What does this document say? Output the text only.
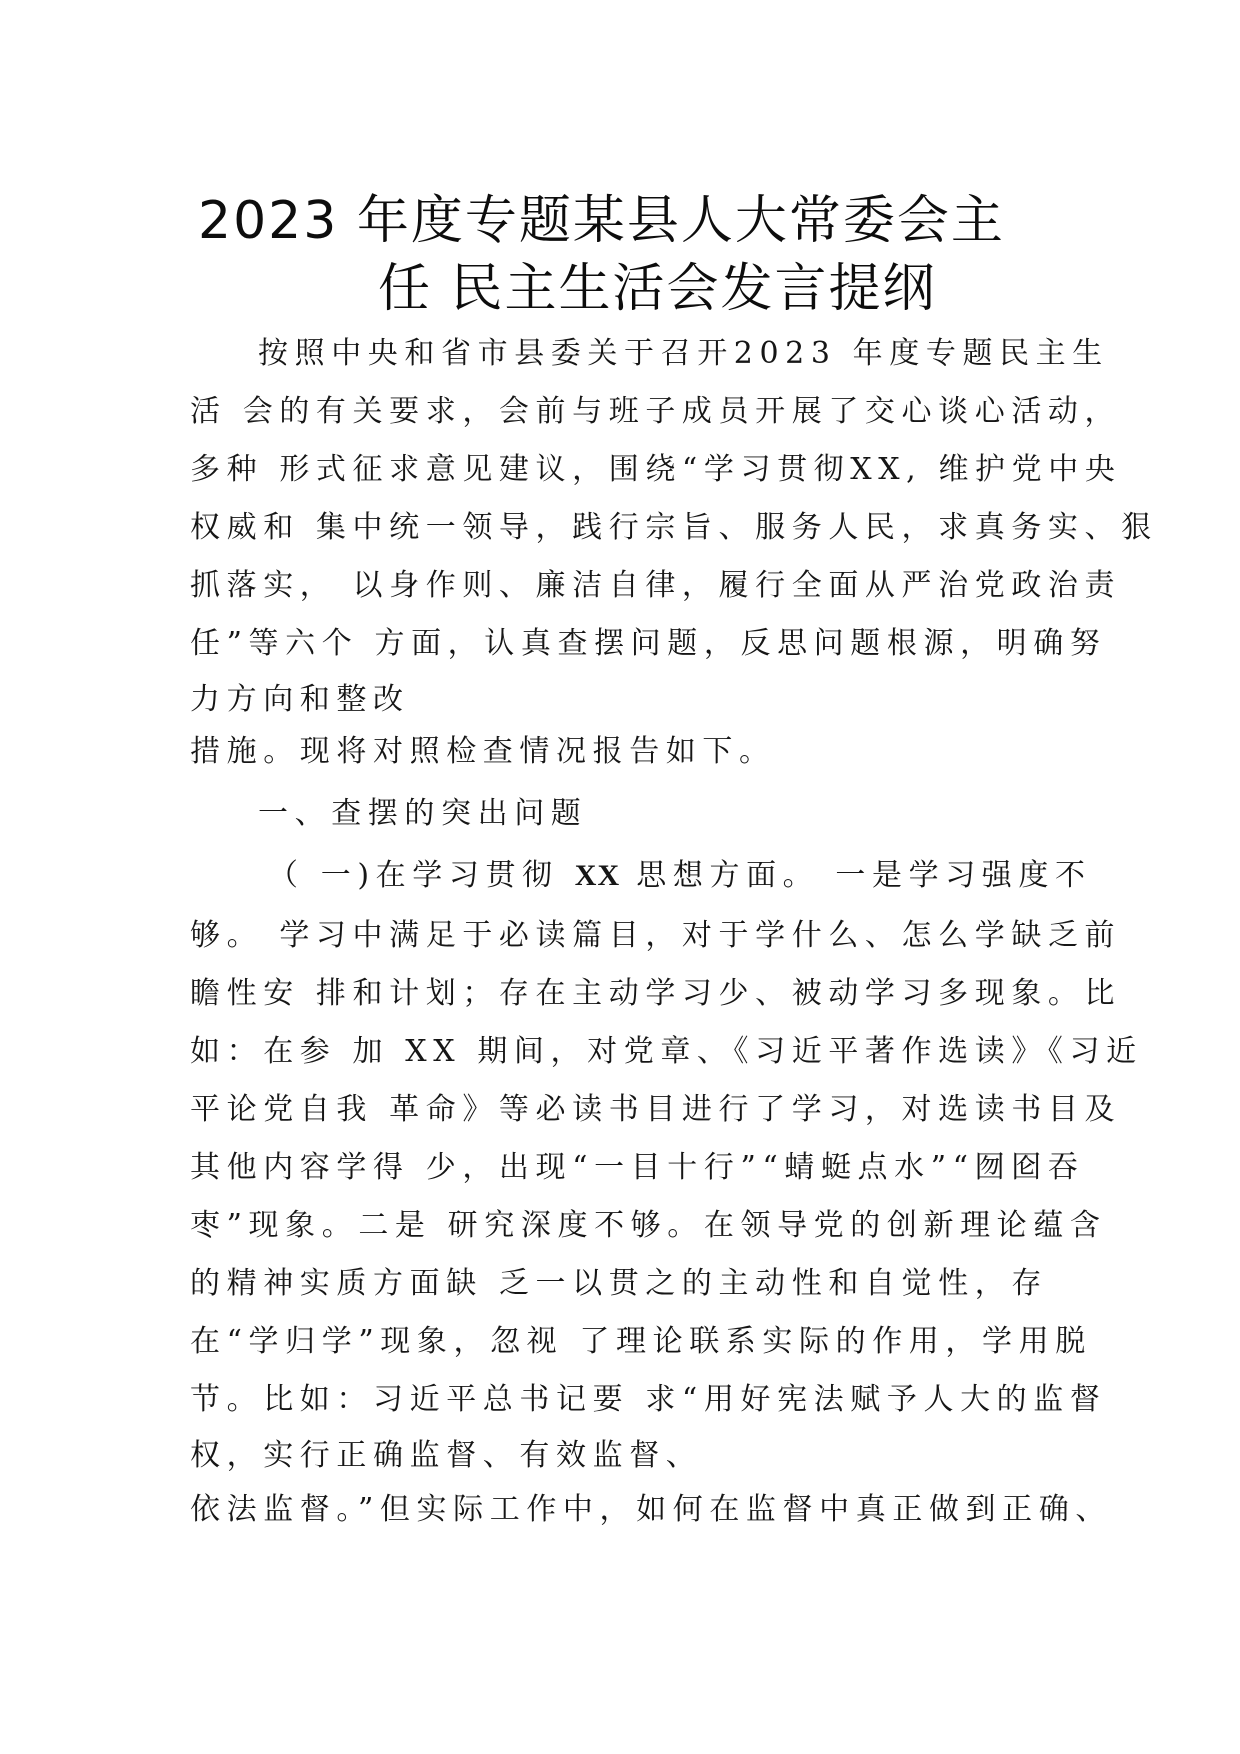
2023 年度专题某县人大常委会主
任 民主生活会发言提纲
按照中央和省市县委关于召开2023 年度专题民主生
活 会的有关要求，会前与班子成员开展了交心谈心活动，
多种 形式征求意见建议，围绕“学习贯彻XX, 维护党中央
权威和 集中统一领导，践行宗旨、服务人民，求真务实、狠
抓落实， 以身作则、廉洁自律，履行全面从严治党政治责
任”等六个 方面，认真查摆问题，反思问题根源，明确努
力方向和整改
措施。现将对照检查情况报告如下。
一、查摆的突出问题
（ 一)在学习贯彻 XX 思想方面。 一是学习强度不
够。 学习中满足于必读篇目，对于学什么、怎么学缺乏前
瞻性安 排和计划；存在主动学习少、被动学习多现象。比
如：在参 加 XX 期间，对党章、《习近平著作选读》《习近
平论党自我 革命》等必读书目进行了学习，对选读书目及
其他内容学得 少，出现“一目十行”“蜻蜓点水”“囫囵吞
枣”现象。二是 研究深度不够。在领导党的创新理论蕴含
的精神实质方面缺 乏一以贯之的主动性和自觉性，存
在“学归学”现象，忽视 了理论联系实际的作用，学用脱
节。比如：习近平总书记要 求“用好宪法赋予人大的监督
权，实行正确监督、有效监督、
依法监督。”但实际工作中，如何在监督中真正做到正确、
